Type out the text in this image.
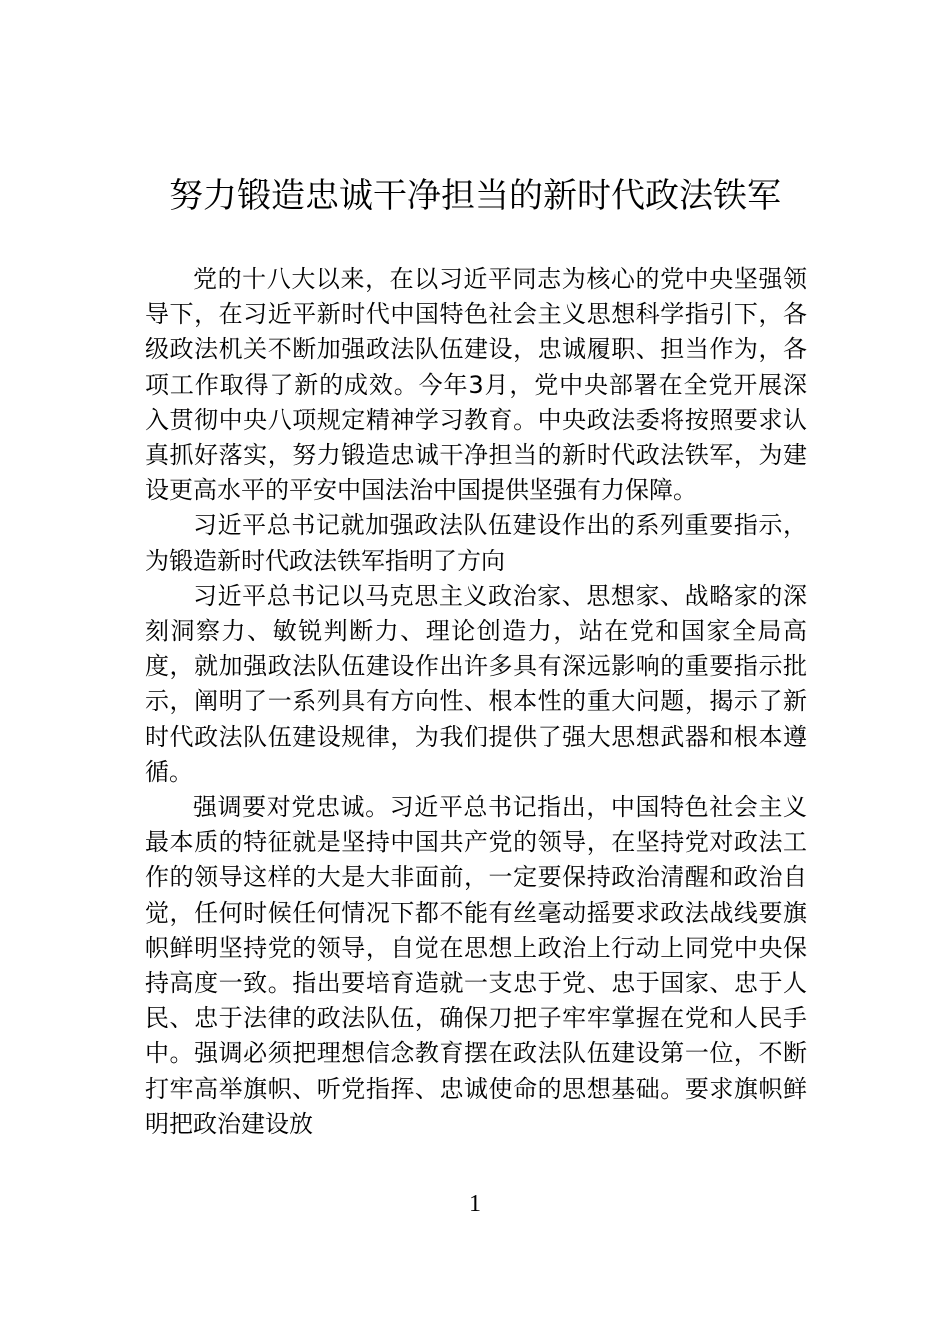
努力锻造忠诚干净担当的新时代政法铁军

党的十八大以来，在以习近平同志为核心的党中央坚强领导下，在习近平新时代中国特色社会主义思想科学指引下，各级政法机关不断加强政法队伍建设，忠诚履职、担当作为，各项工作取得了新的成效。今年3月，党中央部署在全党开展深入贯彻中央八项规定精神学习教育。中央政法委将按照要求认真抓好落实，努力锻造忠诚干净担当的新时代政法铁军，为建设更高水平的平安中国法治中国提供坚强有力保障。

习近平总书记就加强政法队伍建设作出的系列重要指示，为锻造新时代政法铁军指明了方向

习近平总书记以马克思主义政治家、思想家、战略家的深刻洞察力、敏锐判断力、理论创造力，站在党和国家全局高度，就加强政法队伍建设作出许多具有深远影响的重要指示批示，阐明了一系列具有方向性、根本性的重大问题，揭示了新时代政法队伍建设规律，为我们提供了强大思想武器和根本遵循。

强调要对党忠诚。习近平总书记指出，中国特色社会主义最本质的特征就是坚持中国共产党的领导，在坚持党对政法工作的领导这样的大是大非面前，一定要保持政治清醒和政治自觉，任何时候任何情况下都不能有丝毫动摇要求政法战线要旗帜鲜明坚持党的领导，自觉在思想上政治上行动上同党中央保持高度一致。指出要培育造就一支忠于党、忠于国家、忠于人民、忠于法律的政法队伍，确保刀把子牢牢掌握在党和人民手中。强调必须把理想信念教育摆在政法队伍建设第一位，不断打牢高举旗帜、听党指挥、忠诚使命的思想基础。要求旗帜鲜明把政治建设放

1
